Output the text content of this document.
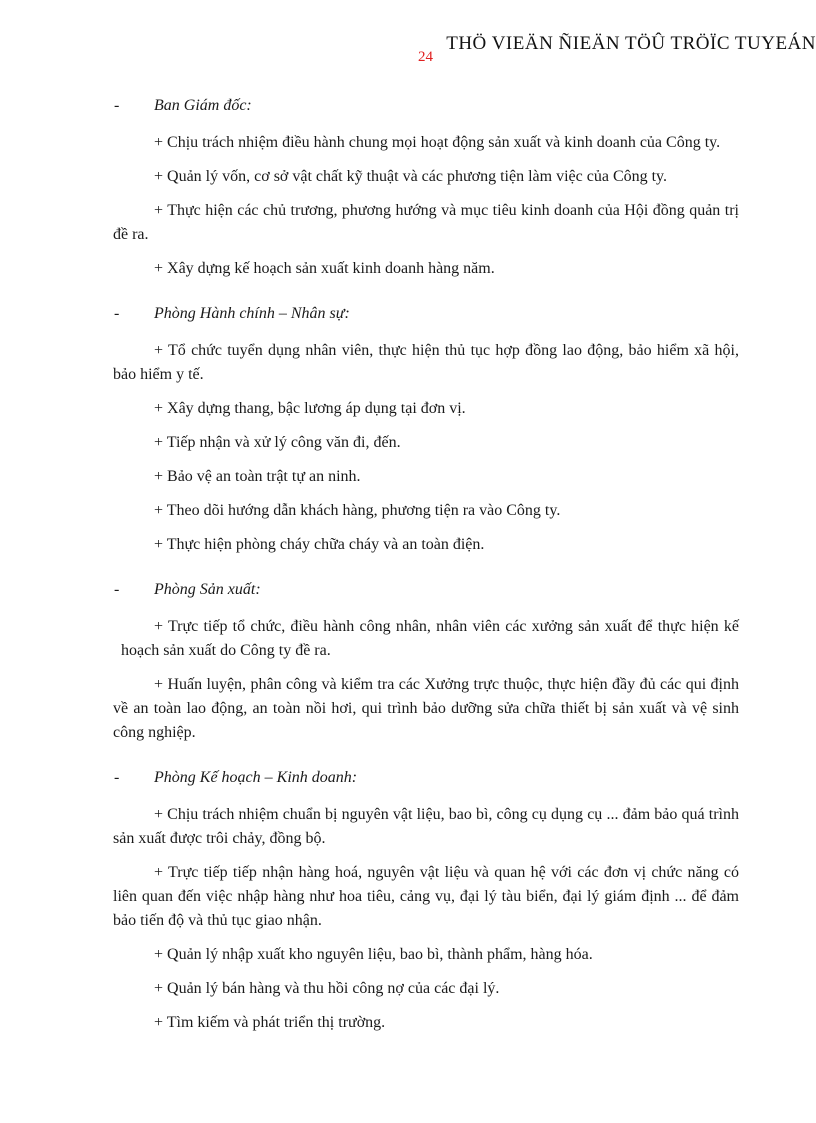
THÖ VIEÄN ÑIEÄN TÖÛ TRÖÏC TUYEÁN
24

- Ban Giám đốc:

+ Chịu trách nhiệm điều hành chung mọi hoạt động sản xuất và kinh doanh của Công ty.

+ Quản lý vốn, cơ sở vật chất kỹ thuật và các phương tiện làm việc của Công ty.

+ Thực hiện các chủ trương, phương hướng và mục tiêu kinh doanh của Hội đồng quản trị đề ra.

+ Xây dựng kế hoạch sản xuất kinh doanh hàng năm.

- Phòng Hành chính – Nhân sự:

+ Tổ chức tuyển dụng nhân viên, thực hiện thủ tục hợp đồng lao động, bảo hiểm xã hội, bảo hiểm y tế.

+ Xây dựng thang, bậc lương áp dụng tại đơn vị.

+ Tiếp nhận và xử lý công văn đi, đến.

+ Bảo vệ an toàn trật tự an ninh.

+ Theo dõi hướng dẫn khách hàng, phương tiện ra vào Công ty.

+ Thực hiện phòng cháy chữa cháy và an toàn điện.

- Phòng Sản xuất:

+ Trực tiếp tổ chức, điều hành công nhân, nhân viên các xưởng sản xuất để thực hiện kế hoạch sản xuất do Công ty đề ra.

+ Huấn luyện, phân công và kiểm tra các Xưởng trực thuộc, thực hiện đầy đủ các qui định về an toàn lao động, an toàn nồi hơi, qui trình bảo dưỡng sửa chữa thiết bị sản xuất và vệ sinh công nghiệp.

- Phòng Kế hoạch – Kinh doanh:

+ Chịu trách nhiệm chuẩn bị nguyên vật liệu, bao bì, công cụ dụng cụ ... đảm bảo quá trình sản xuất được trôi chảy, đồng bộ.

+ Trực tiếp tiếp nhận hàng hoá, nguyên vật liệu và quan hệ với các đơn vị chức năng có liên quan đến việc nhập hàng như hoa tiêu, cảng vụ, đại lý tàu biển, đại lý giám định ... để đảm bảo tiến độ và thủ tục giao nhận.

+ Quản lý nhập xuất kho nguyên liệu, bao bì, thành phẩm, hàng hóa.

+ Quản lý bán hàng và thu hồi công nợ của các đại lý.

+ Tìm kiếm và phát triển thị trường.
